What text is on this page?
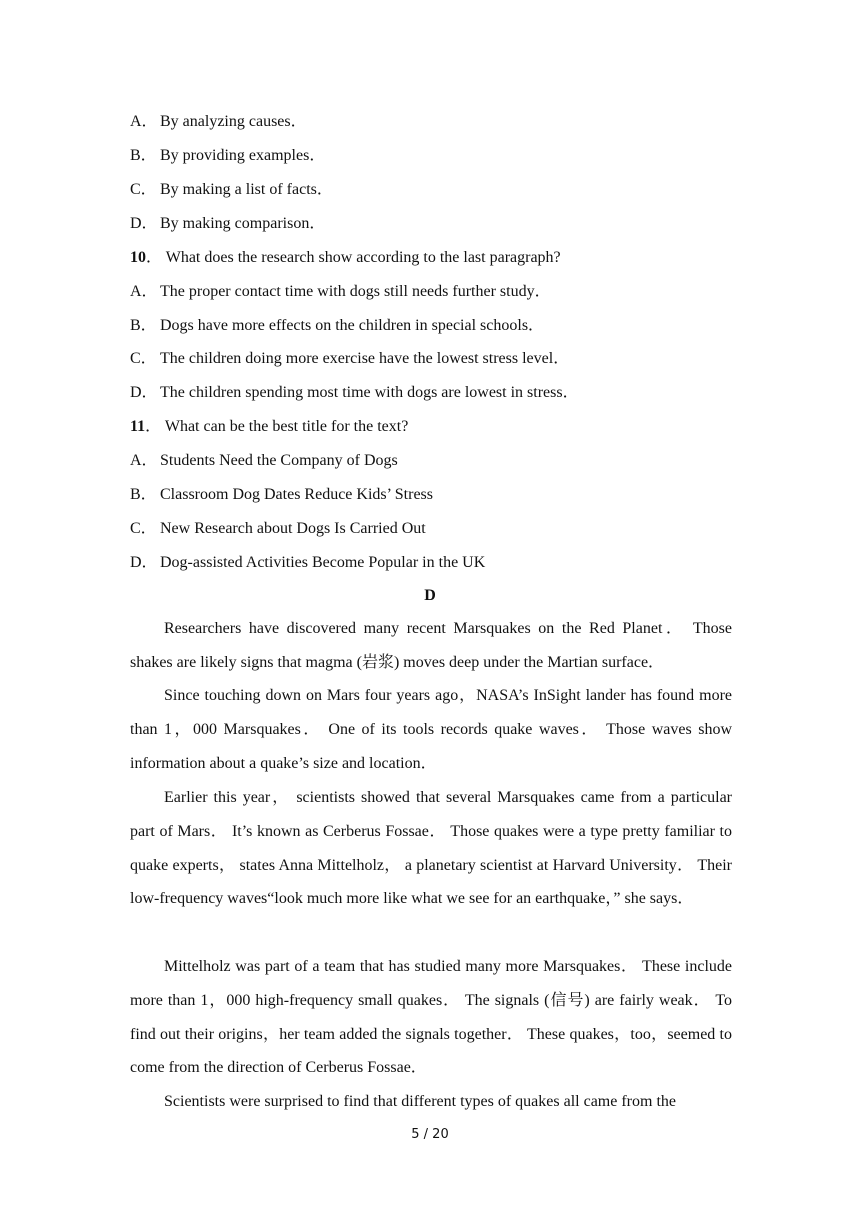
A． By analyzing causes．
B． By providing examples．
C． By making a list of facts．
D． By making comparison．
10． What does the research show according to the last paragraph?
A． The proper contact time with dogs still needs further study．
B． Dogs have more effects on the children in special schools．
C． The children doing more exercise have the lowest stress level．
D． The children spending most time with dogs are lowest in stress．
11． What can be the best title for the text?
A． Students Need the Company of Dogs
B． Classroom Dog Dates Reduce Kids’ Stress
C． New Research about Dogs Is Carried Out
D． Dog-assisted Activities Become Popular in the UK
D
Researchers have discovered many recent Marsquakes on the Red Planet． Those shakes are likely signs that magma (岩浆) moves deep under the Martian surface．
Since touching down on Mars four years ago，NASA’s InSight lander has found more than 1，000 Marsquakes． One of its tools records quake waves． Those waves show information about a quake’s size and location．
Earlier this year， scientists showed that several Marsquakes came from a particular part of Mars． It’s known as Cerberus Fossae． Those quakes were a type pretty familiar to quake experts， states Anna Mittelholz， a planetary scientist at Harvard University． Their low-frequency waves“look much more like what we see for an earthquake，” she says．
Mittelholz was part of a team that has studied many more Marsquakes． These include more than 1，000 high-frequency small quakes． The signals (信号) are fairly weak． To find out their origins，her team added the signals together． These quakes，too，seemed to come from the direction of Cerberus Fossae．
Scientists were surprised to find that different types of quakes all came from the
5 / 20
